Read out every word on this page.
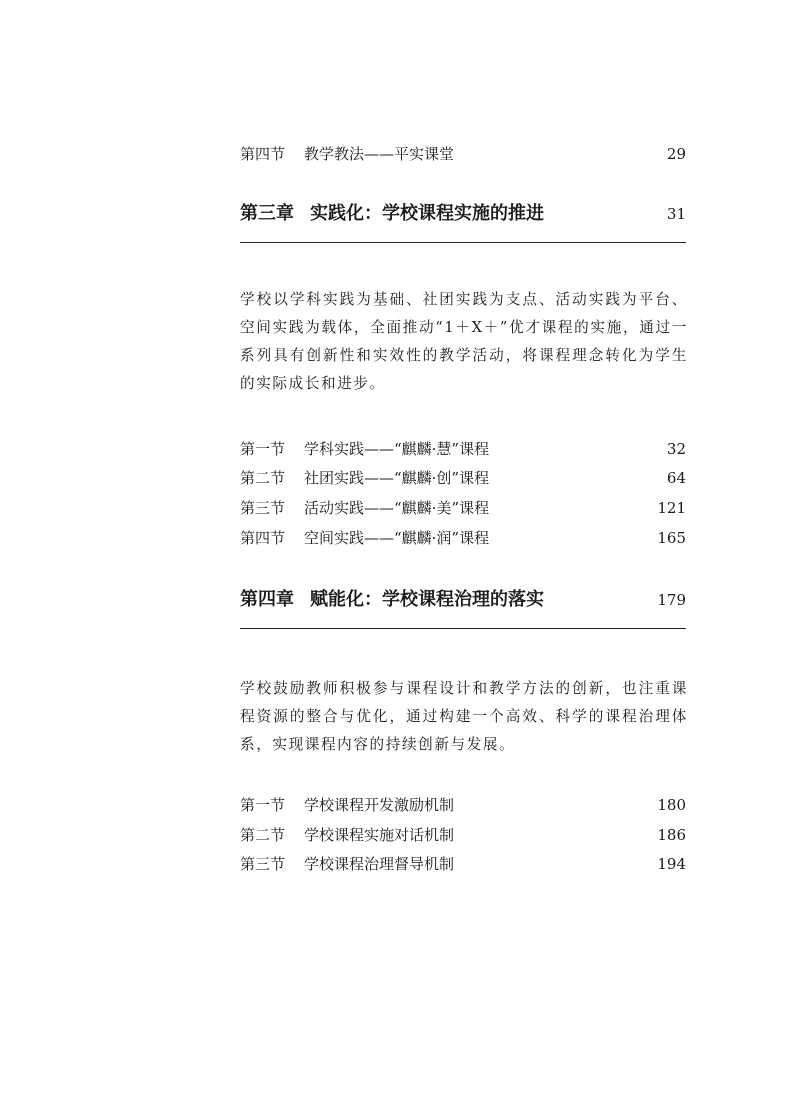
第四节	教学教法——平实课堂	29
第三章 实践化：学校课程实施的推进	31

学校以学科实践为基础、社团实践为支点、活动实践为平台、空间实践为载体，全面推动“1＋X＋”优才课程的实施，通过一系列具有创新性和实效性的教学活动，将课程理念转化为学生的实际成长和进步。

第一节	学科实践——“麒麟·慧”课程	32
第二节	社团实践——“麒麟·创”课程	64
第三节	活动实践——“麒麟·美”课程	121
第四节	空间实践——“麒麟·润”课程	165
第四章 赋能化：学校课程治理的落实	179

学校鼓励教师积极参与课程设计和教学方法的创新，也注重课程资源的整合与优化，通过构建一个高效、科学的课程治理体系，实现课程内容的持续创新与发展。

第一节	学校课程开发激励机制	180
第二节	学校课程实施对话机制	186
第三节	学校课程治理督导机制	194
